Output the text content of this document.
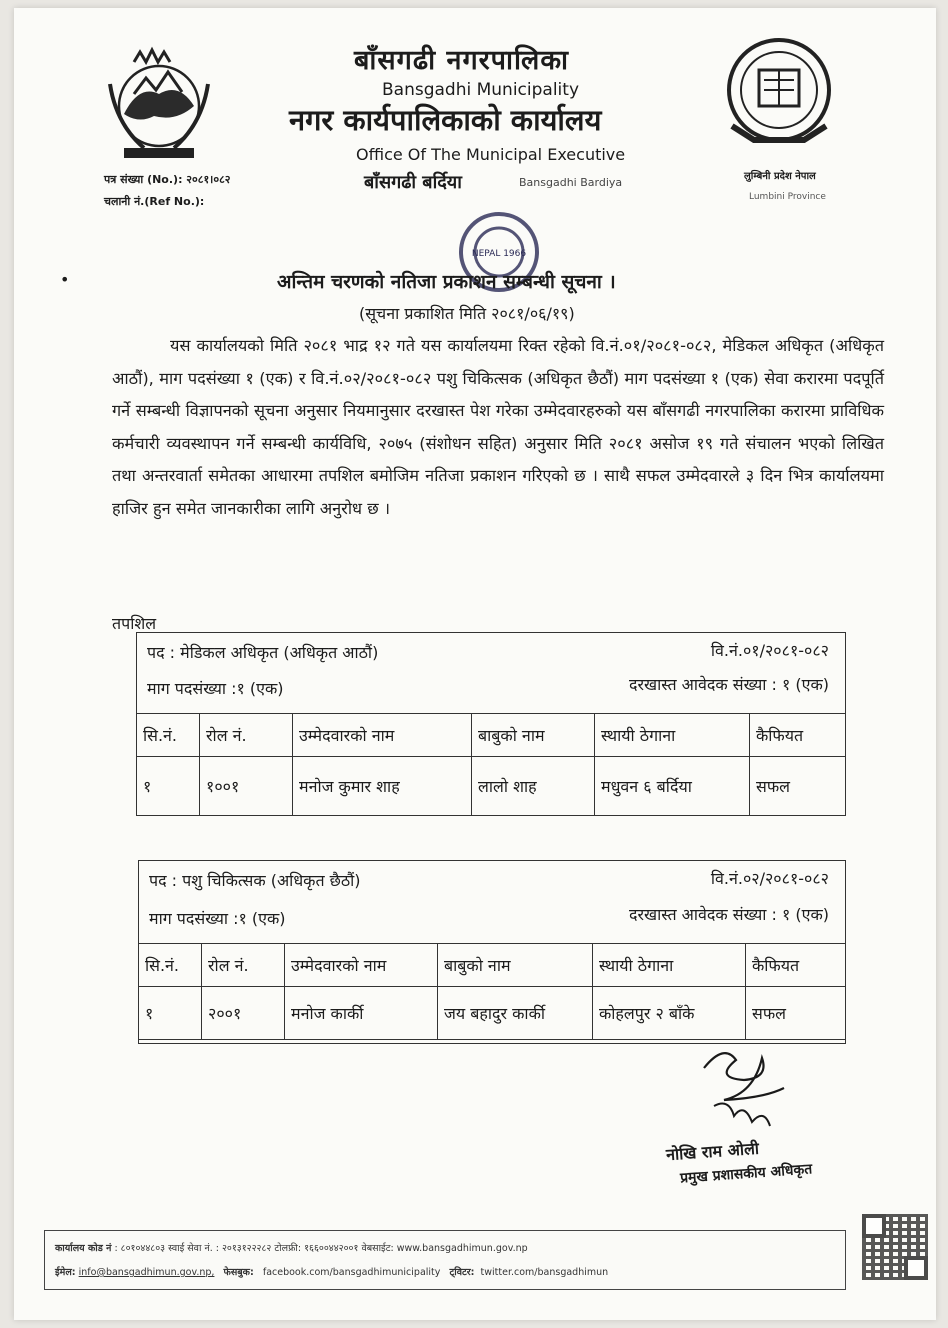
बाँसगढी नगरपालिका
Bansgadhi Municipality
नगर कार्यपालिकाको कार्यालय
Office Of The Municipal Executive
बाँसगढी बर्दिया	Bansgadhi Bardiya
पत्र संख्या (No.): २०८१।०८२
चलानी नं.(Ref No.):
लुम्बिनी प्रदेश नेपाल
Lumbini Province
NEPAL 1966
•	अन्तिम चरणको नतिजा प्रकाशन सम्बन्धी सूचना ।
(सूचना प्रकाशित मिति २०८१/०६/१९)
यस कार्यालयको मिति २०८१ भाद्र १२ गते यस कार्यालयमा रिक्त रहेको वि.नं.०१/२०८१-०८२, मेडिकल अधिकृत (अधिकृत आठौं), माग पदसंख्या १ (एक) र वि.नं.०२/२०८१-०८२ पशु चिकित्सक (अधिकृत छैठौं) माग पदसंख्या १ (एक) सेवा करारमा पदपूर्ति गर्ने सम्बन्धी विज्ञापनको सूचना अनुसार नियमानुसार दरखास्त पेश गरेका उम्मेदवारहरुको यस बाँसगढी नगरपालिका करारमा प्राविधिक कर्मचारी व्यवस्थापन गर्ने सम्बन्धी कार्यविधि, २०७५ (संशोधन सहित) अनुसार मिति २०८१ असोज १९ गते संचालन भएको लिखित तथा अन्तरवार्ता समेतका आधारमा तपशिल बमोजिम नतिजा प्रकाशन गरिएको छ । साथै सफल उम्मेदवारले ३ दिन भित्र कार्यालयमा हाजिर हुन समेत जानकारीका लागि अनुरोध छ ।
तपशिल
पद : मेडिकल अधिकृत (अधिकृत आठौं)	वि.नं.०१/२०८१-०८२
माग पदसंख्या :१ (एक)	दरखास्त आवेदक संख्या : १ (एक)
सि.नं.	रोल नं.	उम्मेदवारको नाम	बाबुको नाम	स्थायी ठेगाना	कैफियत
१	१००१	मनोज कुमार शाह	लालो शाह	मधुवन ६ बर्दिया	सफल
पद : पशु चिकित्सक (अधिकृत छैठौं)	वि.नं.०२/२०८१-०८२
माग पदसंख्या :१ (एक)	दरखास्त आवेदक संख्या : १ (एक)
सि.नं.	रोल नं.	उम्मेदवारको नाम	बाबुको नाम	स्थायी ठेगाना	कैफियत
१	२००१	मनोज कार्की	जय बहादुर कार्की	कोहलपुर २ बाँके	सफल
नोखि राम ओली
प्रमुख प्रशासकीय अधिकृत
कार्यालय कोड नं : ८०१०४४८०३ स्वाई सेवा नं. : २०१३१२२२८२ टोलफ्री: १६६००४४२००१ वेबसाईट: www.bansgadhimun.gov.np
ईमेल: info@bansgadhimun.gov.np, फेसबुक: facebook.com/bansgadhimunicipality ट्विटर: twitter.com/bansgadhimun
